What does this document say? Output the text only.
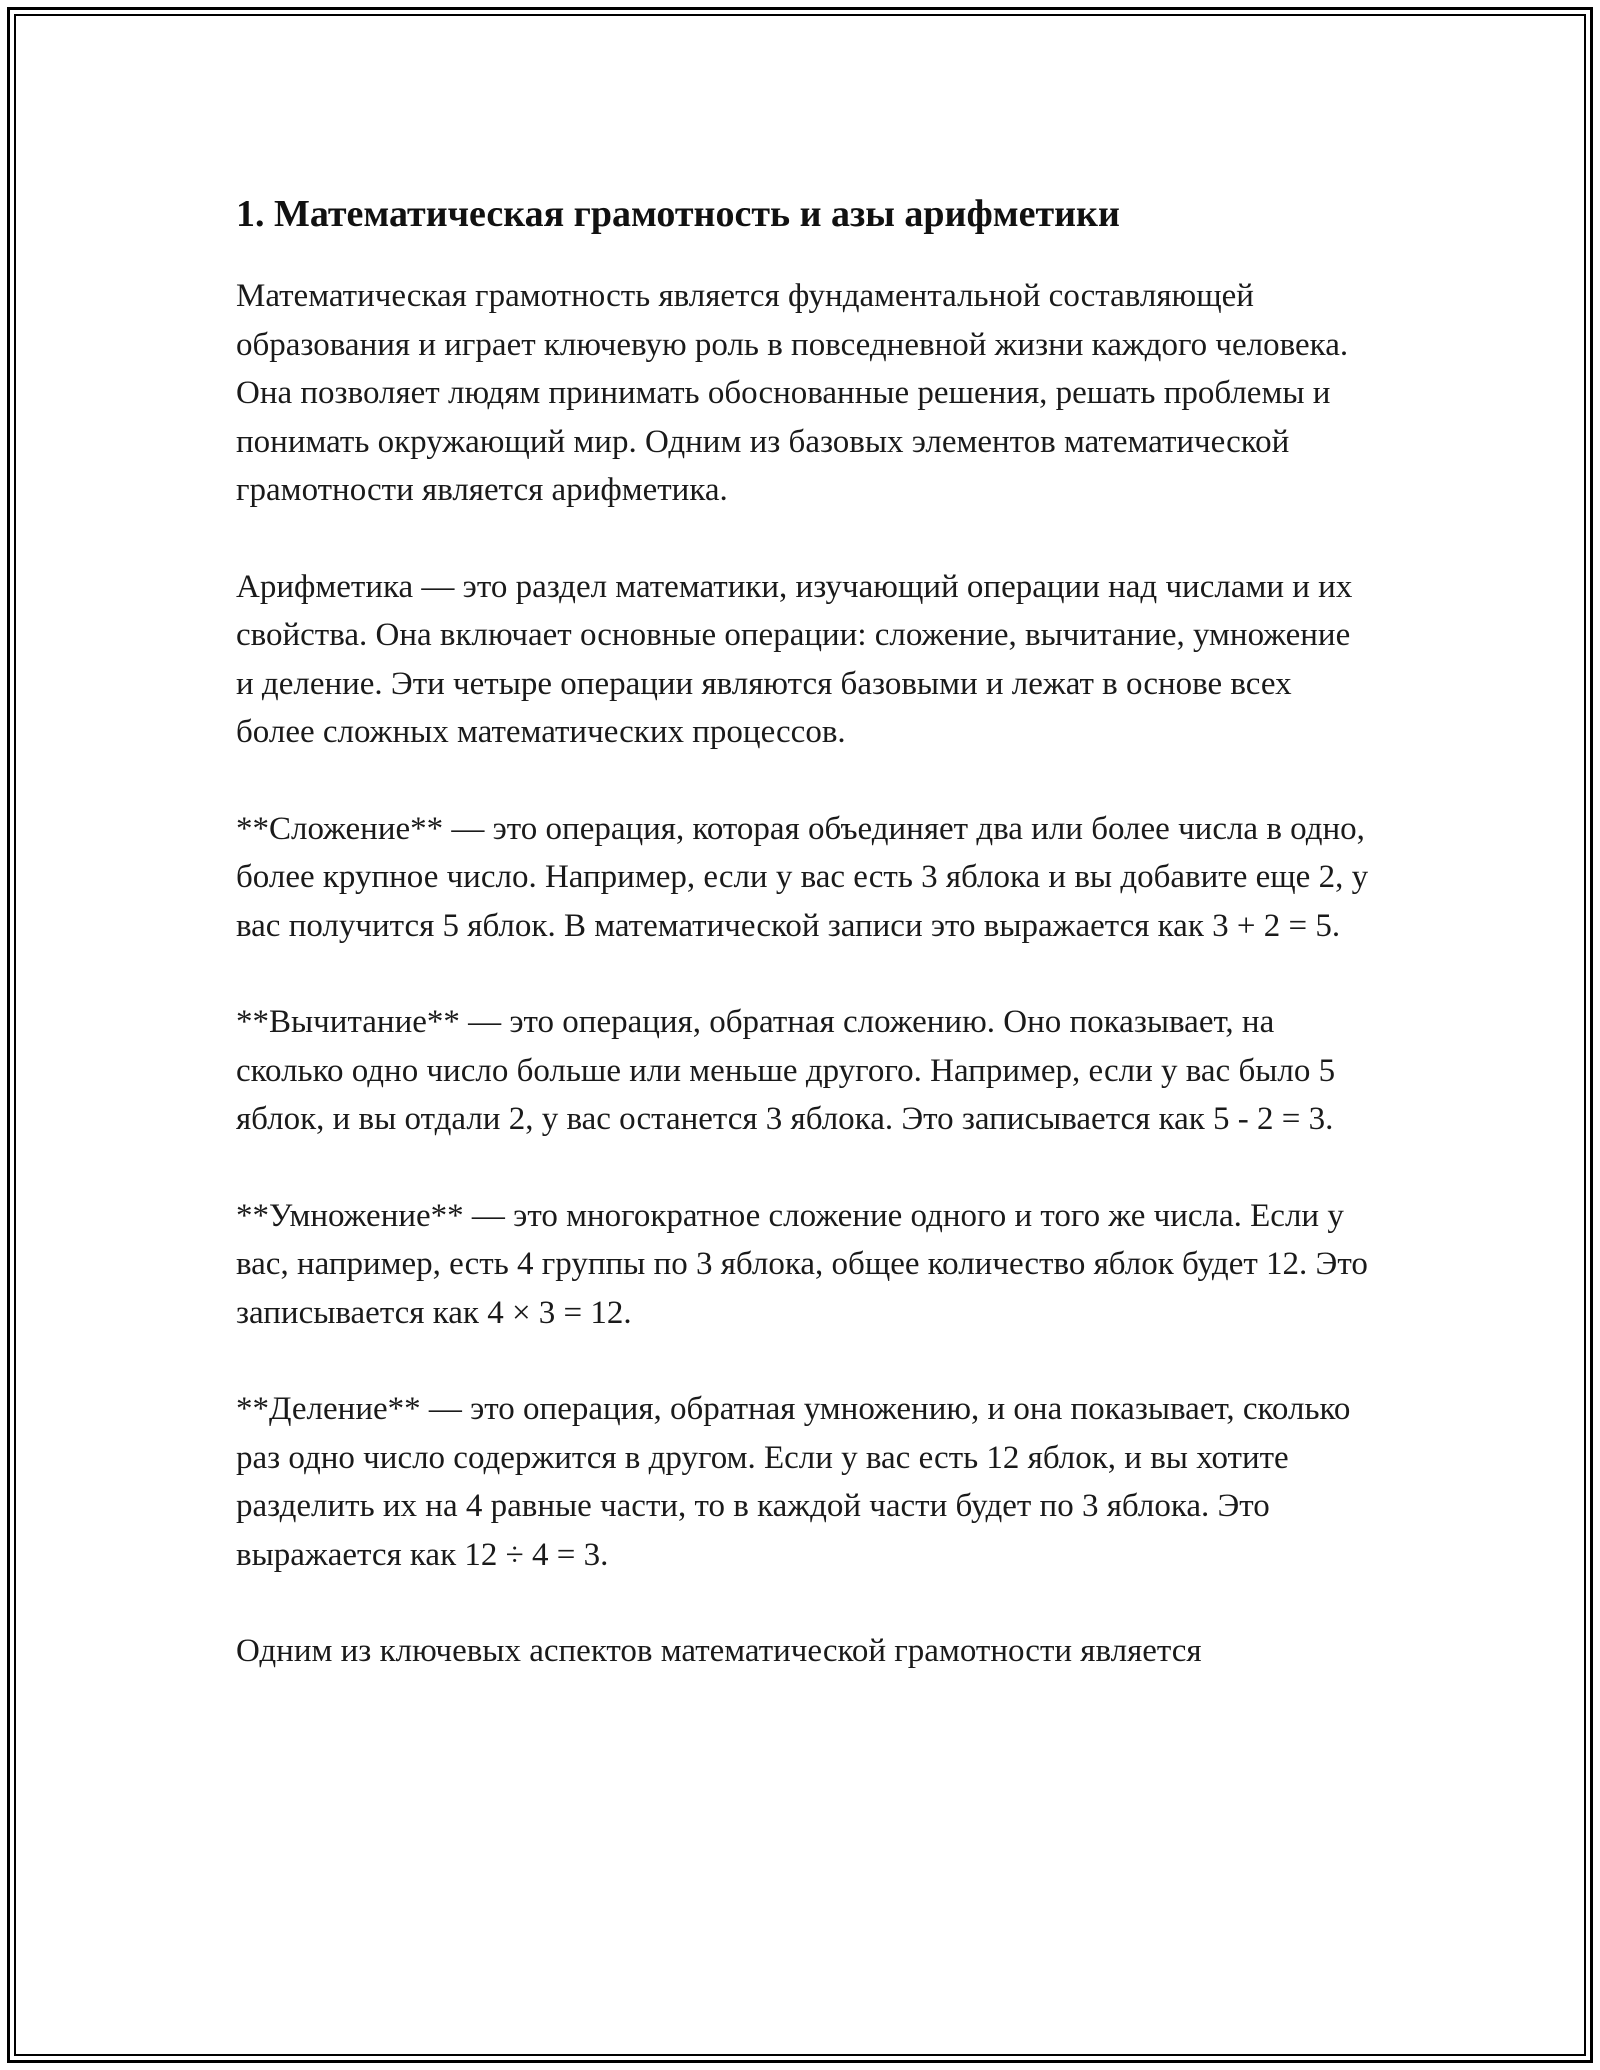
1. Математическая грамотность и азы арифметики

Математическая грамотность является фундаментальной составляющей образования и играет ключевую роль в повседневной жизни каждого человека. Она позволяет людям принимать обоснованные решения, решать проблемы и понимать окружающий мир. Одним из базовых элементов математической грамотности является арифметика.

Арифметика — это раздел математики, изучающий операции над числами и их свойства. Она включает основные операции: сложение, вычитание, умножение и деление. Эти четыре операции являются базовыми и лежат в основе всех более сложных математических процессов.

**Сложение** — это операция, которая объединяет два или более числа в одно, более крупное число. Например, если у вас есть 3 яблока и вы добавите еще 2, у вас получится 5 яблок. В математической записи это выражается как 3 + 2 = 5.

**Вычитание** — это операция, обратная сложению. Оно показывает, на сколько одно число больше или меньше другого. Например, если у вас было 5 яблок, и вы отдали 2, у вас останется 3 яблока. Это записывается как 5 - 2 = 3.

**Умножение** — это многократное сложение одного и того же числа. Если у вас, например, есть 4 группы по 3 яблока, общее количество яблок будет 12. Это записывается как 4 × 3 = 12.

**Деление** — это операция, обратная умножению, и она показывает, сколько раз одно число содержится в другом. Если у вас есть 12 яблок, и вы хотите разделить их на 4 равные части, то в каждой части будет по 3 яблока. Это выражается как 12 ÷ 4 = 3.

Одним из ключевых аспектов математической грамотности является
